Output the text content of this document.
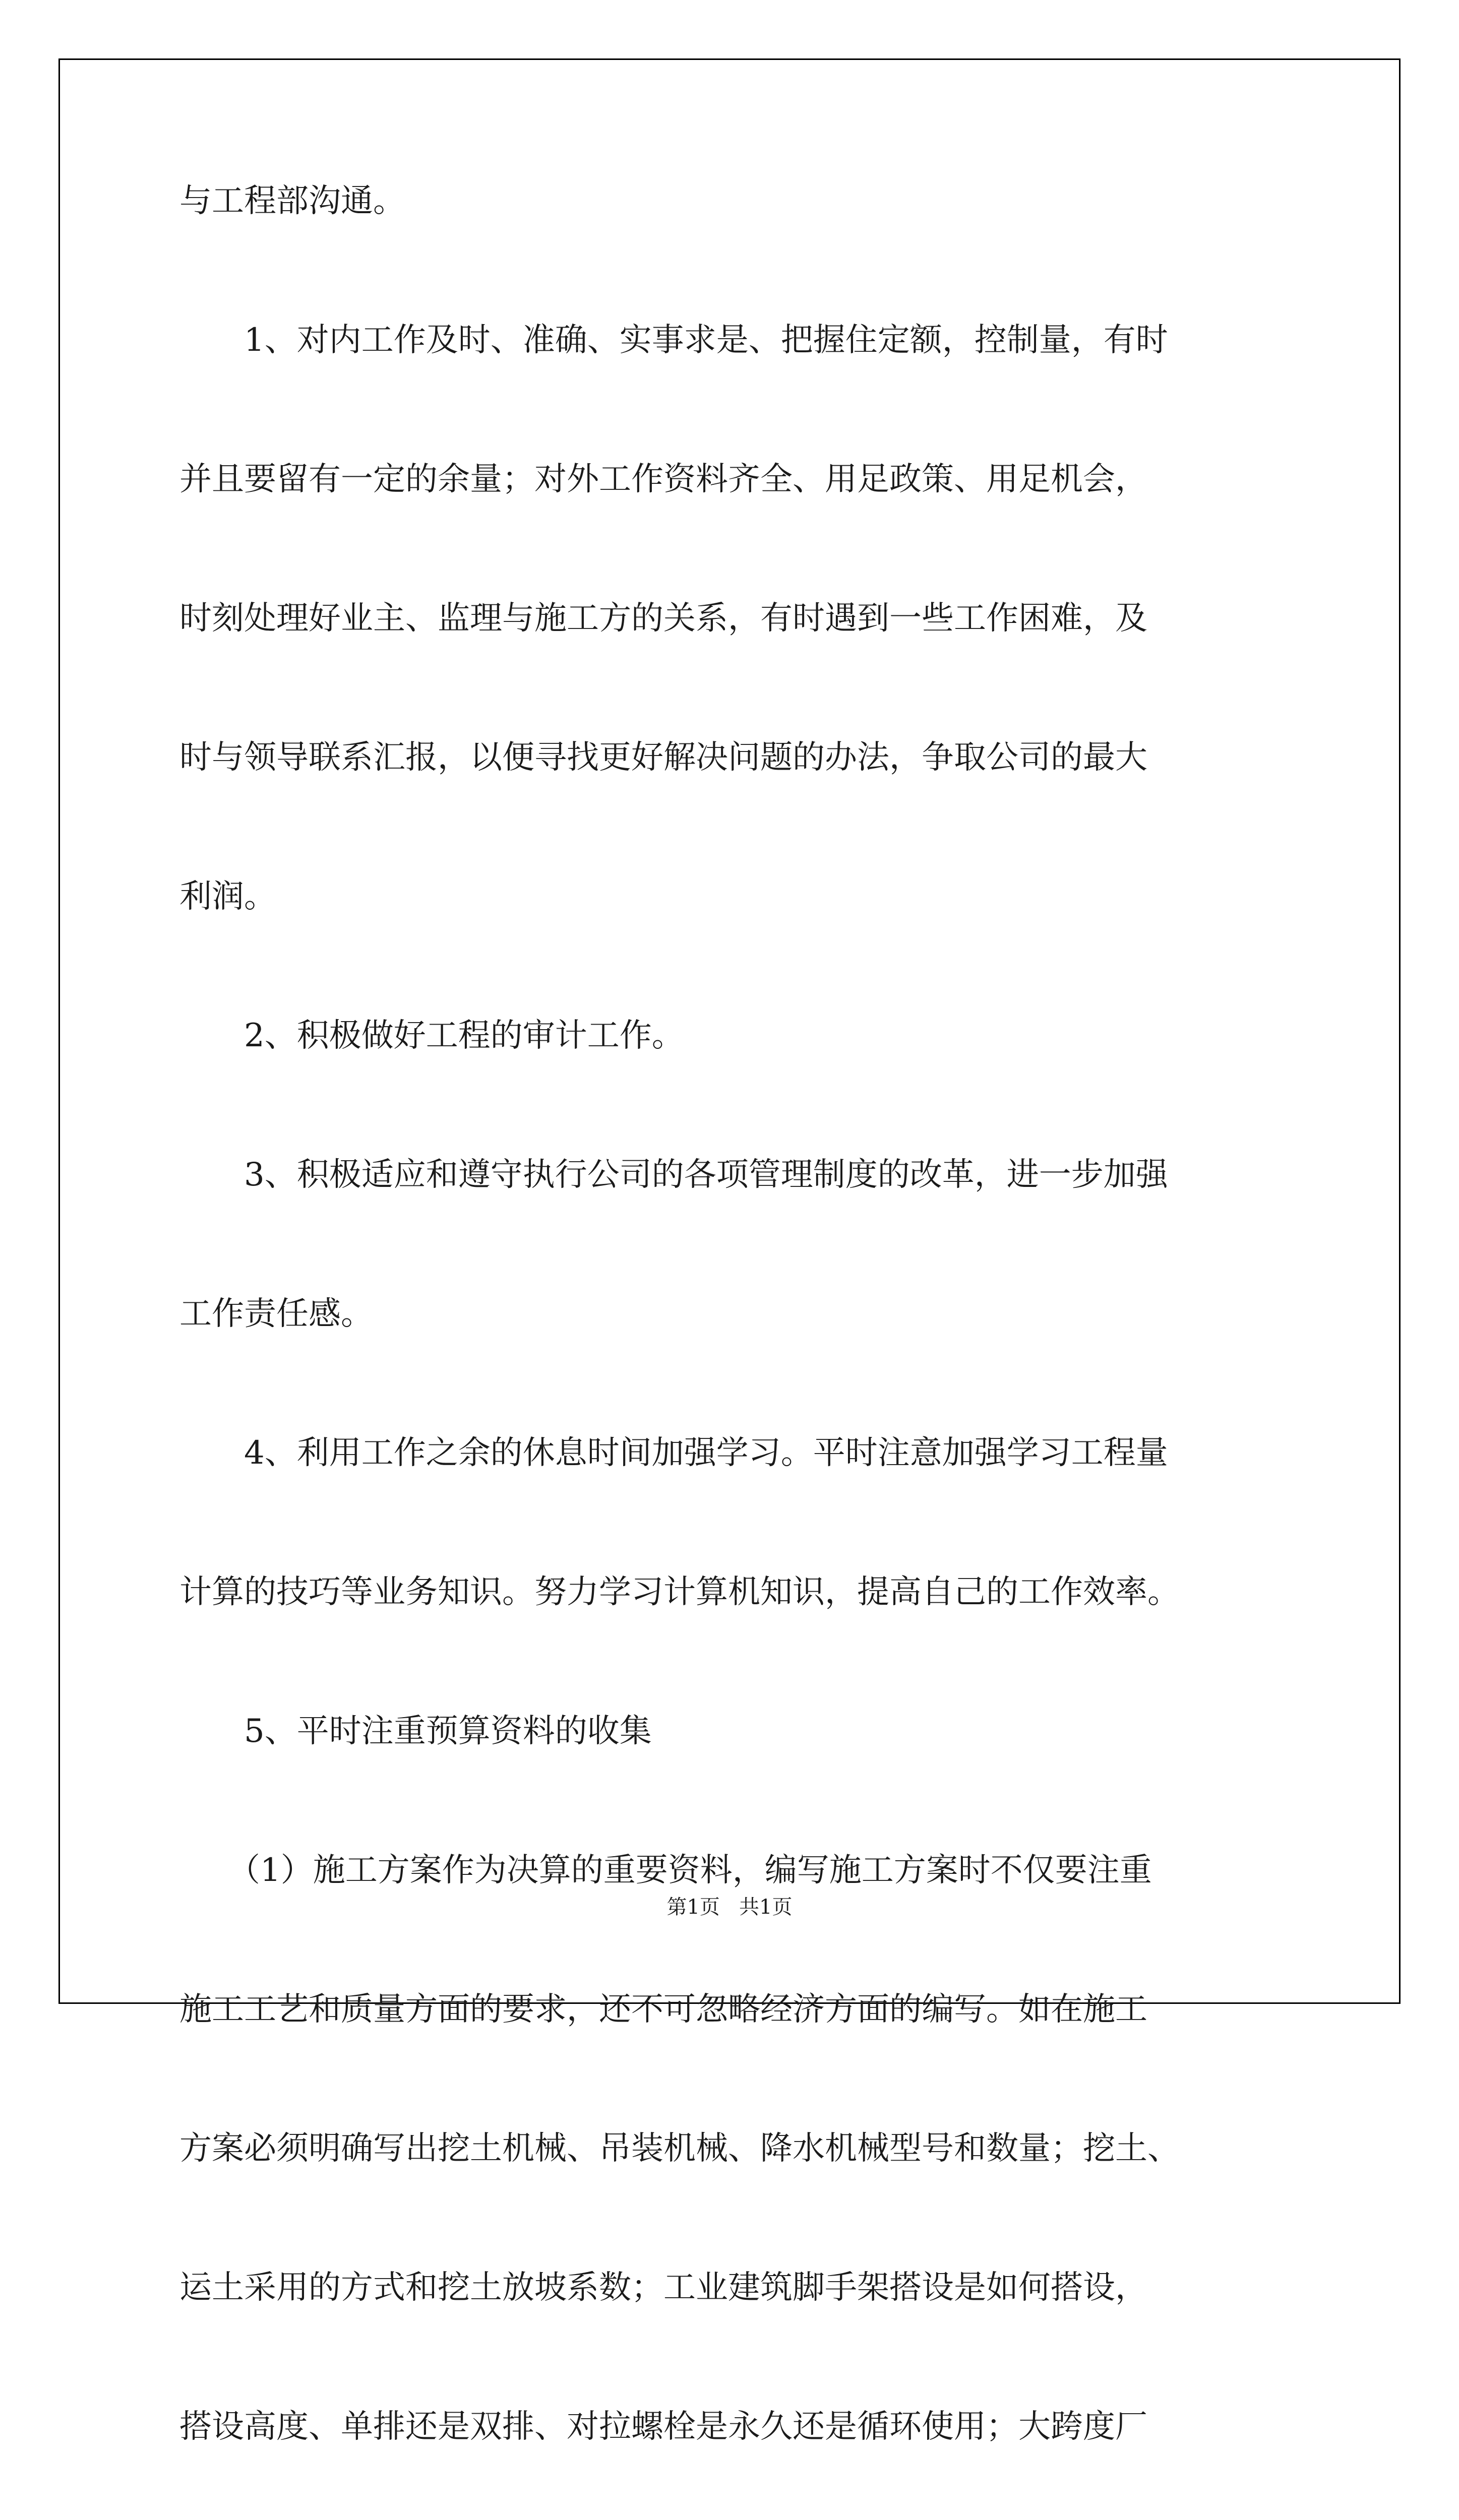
与工程部沟通。
1、对内工作及时、准确、实事求是、把握住定额，控制量，有时
并且要留有一定的余量；对外工作资料齐全、用足政策、用足机会，
时刻处理好业主、监理与施工方的关系，有时遇到一些工作困难，及
时与领导联系汇报，以便寻找更好解决问题的办法，争取公司的最大
利润。
2、积极做好工程的审计工作。
3、积极适应和遵守执行公司的各项管理制度的改革，进一步加强
工作责任感。
4、利用工作之余的休息时间加强学习。平时注意加强学习工程量
计算的技巧等业务知识。努力学习计算机知识，提高自己的工作效率。
5、平时注重预算资料的收集
（1）施工方案作为决算的重要资料，编写施工方案时不仅要注重
施工工艺和质量方面的要求，还不可忽略经济方面的编写。如在施工
方案必须明确写出挖土机械、吊装机械、降水机械型号和数量；挖土、
运土采用的方式和挖土放坡系数；工业建筑脚手架搭设是如何搭设，
搭设高度、单排还是双排、对拉螺栓是永久还是循环使用；大跨度厂
第1页   共1页
